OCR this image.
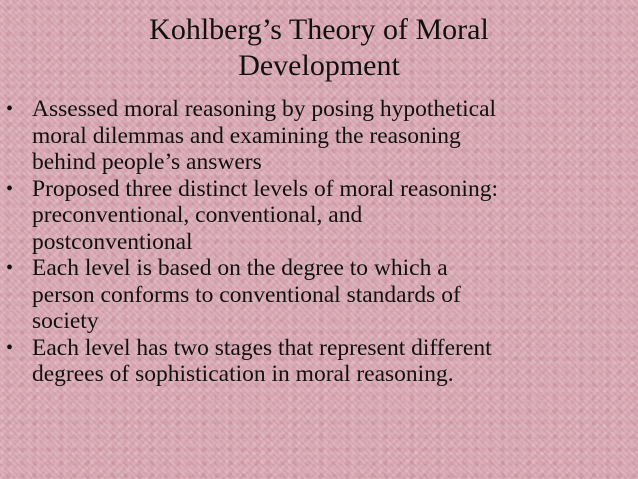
Kohlberg’s Theory of Moral
Development
• Assessed moral reasoning by posing hypothetical
moral dilemmas and examining the reasoning
behind people’s answers
• Proposed three distinct levels of moral reasoning:
preconventional, conventional, and
postconventional
• Each level is based on the degree to which a
person conforms to conventional standards of
society
• Each level has two stages that represent different
degrees of sophistication in moral reasoning.
